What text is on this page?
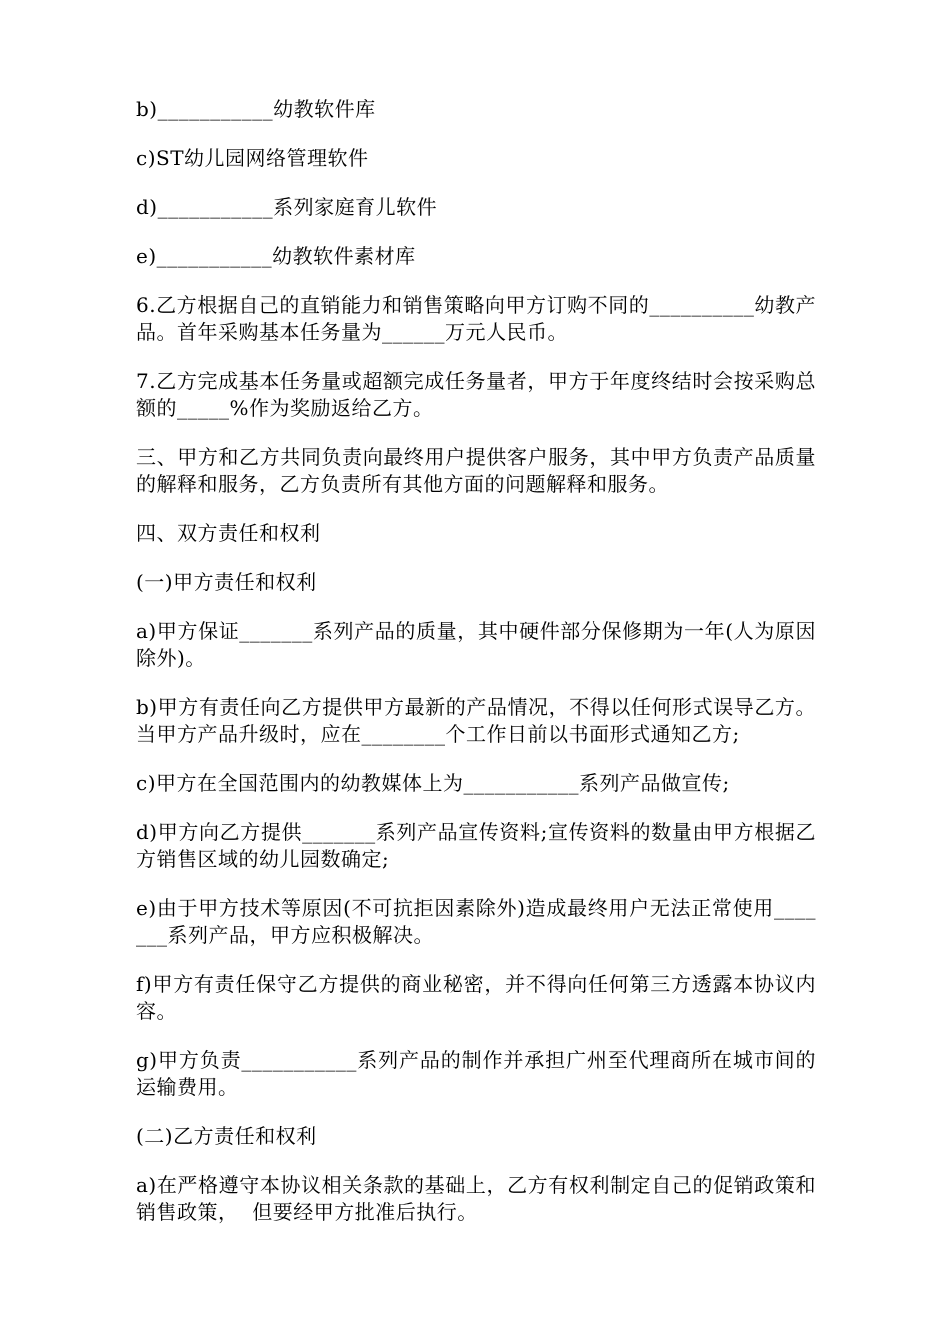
b)___________幼教软件库

c)ST幼儿园网络管理软件

d)___________系列家庭育儿软件

e)___________幼教软件素材库

6.乙方根据自己的直销能力和销售策略向甲方订购不同的__________幼教产品。首年采购基本任务量为______万元人民币。

7.乙方完成基本任务量或超额完成任务量者，甲方于年度终结时会按采购总额的_____%作为奖励返给乙方。

三、甲方和乙方共同负责向最终用户提供客户服务，其中甲方负责产品质量的解释和服务，乙方负责所有其他方面的问题解释和服务。

四、双方责任和权利

(一)甲方责任和权利

a)甲方保证_______系列产品的质量，其中硬件部分保修期为一年(人为原因除外)。

b)甲方有责任向乙方提供甲方最新的产品情况，不得以任何形式误导乙方。当甲方产品升级时，应在________个工作日前以书面形式通知乙方;

c)甲方在全国范围内的幼教媒体上为___________系列产品做宣传;

d)甲方向乙方提供_______系列产品宣传资料;宣传资料的数量由甲方根据乙方销售区域的幼儿园数确定;

e)由于甲方技术等原因(不可抗拒因素除外)造成最终用户无法正常使用_______系列产品，甲方应积极解决。

f)甲方有责任保守乙方提供的商业秘密，并不得向任何第三方透露本协议内容。

g)甲方负责___________系列产品的制作并承担广州至代理商所在城市间的运输费用。

(二)乙方责任和权利

a)在严格遵守本协议相关条款的基础上，乙方有权利制定自己的促销政策和销售政策，  但要经甲方批准后执行。
